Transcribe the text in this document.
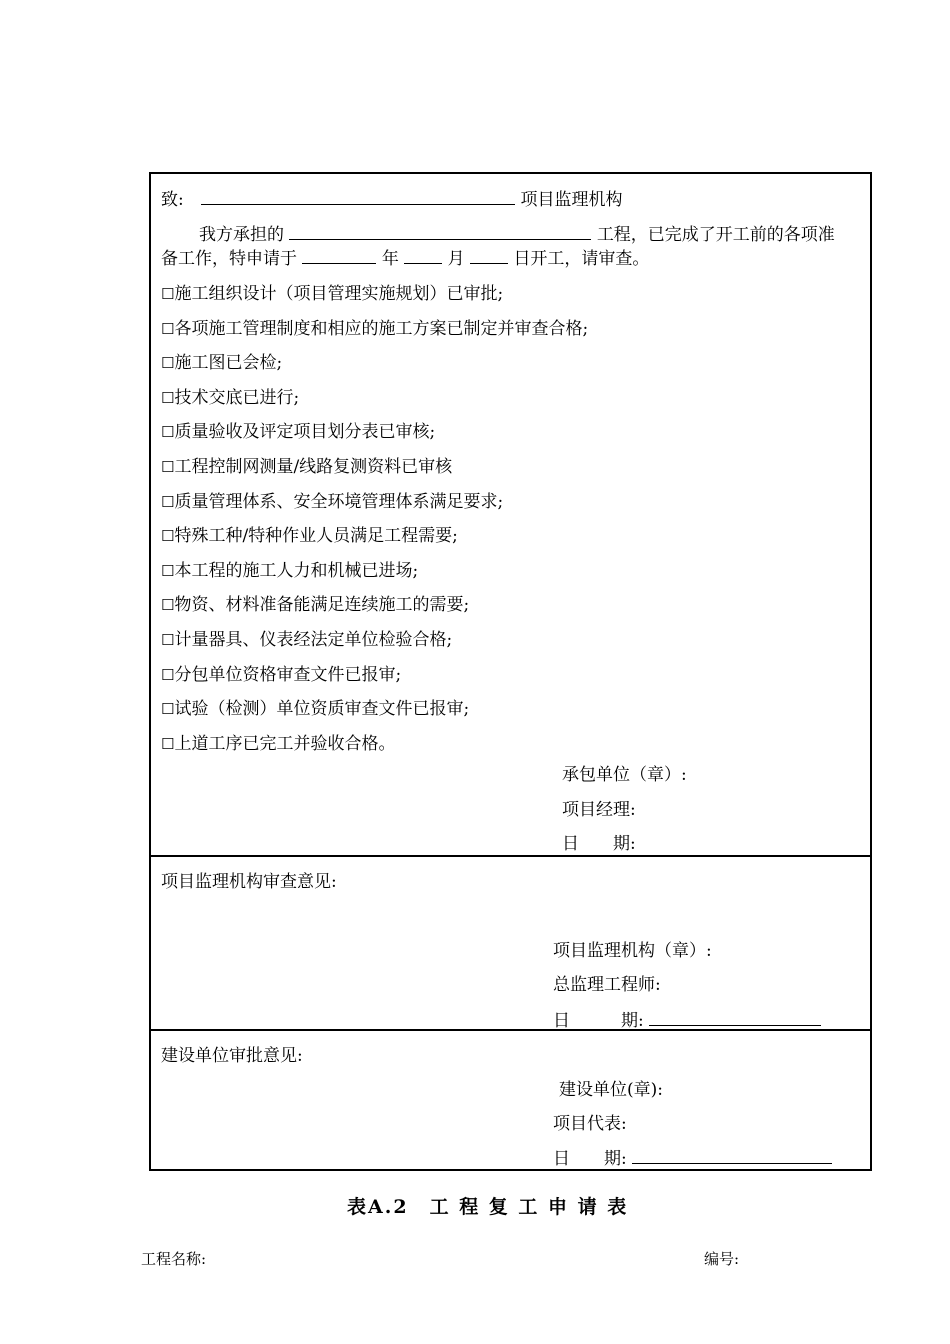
致:	项目监理机构
我方承担的	工程，已完成了开工前的各项准
备工作，特申请于	年	月	日开工，请审查。
☐施工组织设计（项目管理实施规划）已审批;
☐各项施工管理制度和相应的施工方案已制定并审查合格;
☐施工图已会检;
☐技术交底已进行;
☐质量验收及评定项目划分表已审核;
☐工程控制网测量/线路复测资料已审核
☐质量管理体系、安全环境管理体系满足要求;
☐特殊工种/特种作业人员满足工程需要;
☐本工程的施工人力和机械已进场;
☐物资、材料准备能满足连续施工的需要;
☐计量器具、仪表经法定单位检验合格;
☐分包单位资格审查文件已报审;
☐试验（检测）单位资质审查文件已报审;
☐上道工序已完工并验收合格。
承包单位（章）:
项目经理:
日　　期:
项目监理机构审查意见:
项目监理机构（章）:
总监理工程师:
日　　　期:
建设单位审批意见:
建设单位(章):
项目代表:
日　　期:
表A.2　工 程 复 工 申 请 表
工程名称:	编号:
